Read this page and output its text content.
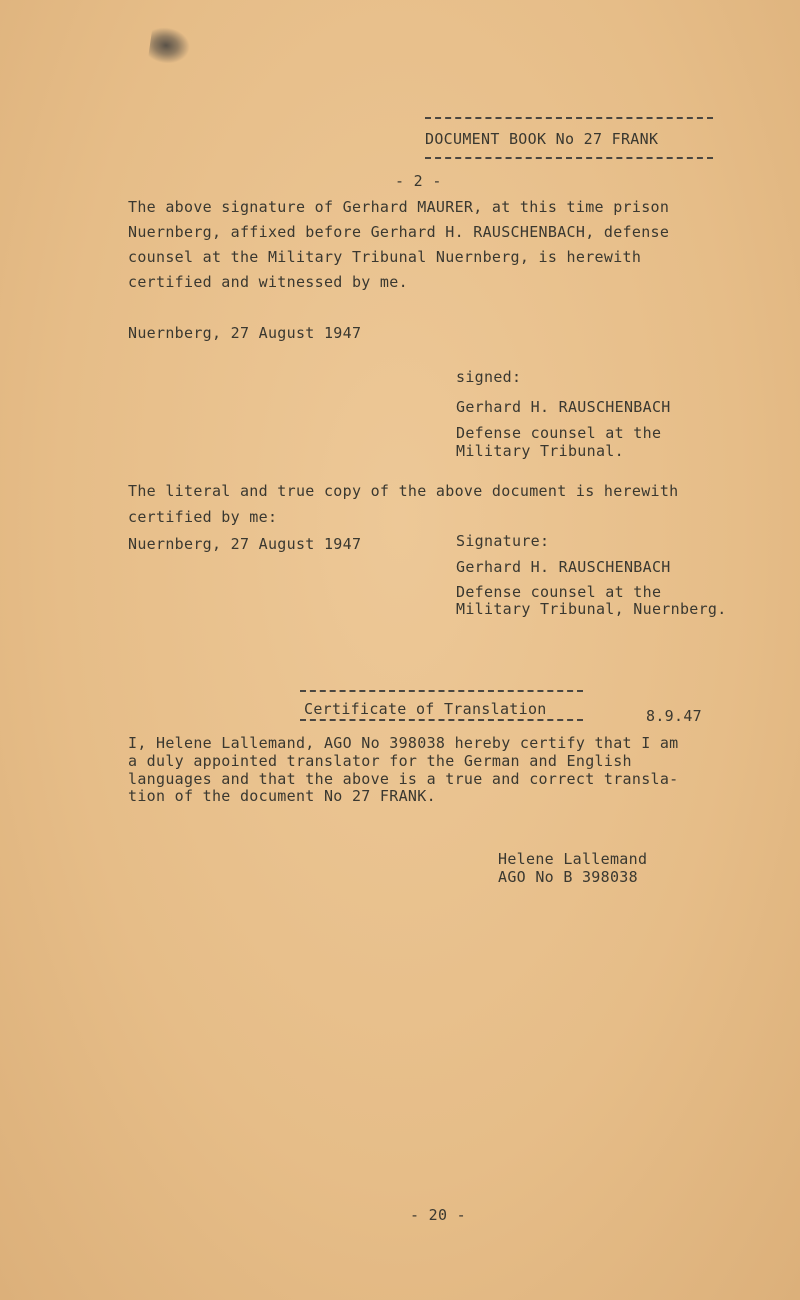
DOCUMENT BOOK No 27 FRANK
- 2 -
The above signature of Gerhard MAURER, at this time prison
Nuernberg, affixed before Gerhard H. RAUSCHENBACH, defense
counsel at the Military Tribunal Nuernberg, is herewith
certified and witnessed by me.
Nuernberg, 27 August 1947
signed:
Gerhard H. RAUSCHENBACH
Defense counsel at the
Military Tribunal.
The literal and true copy of the above document is herewith
certified by me:
Nuernberg, 27 August 1947	Signature:
Gerhard H. RAUSCHENBACH
Defense counsel at the
Military Tribunal, Nuernberg.
Certificate of Translation	8.9.47
I, Helene Lallemand, AGO No 398038 hereby certify that I am
a duly appointed translator for the German and English
languages and that the above is a true and correct transla-
tion of the document No 27 FRANK.
Helene Lallemand
AGO No B 398038
- 20 -
